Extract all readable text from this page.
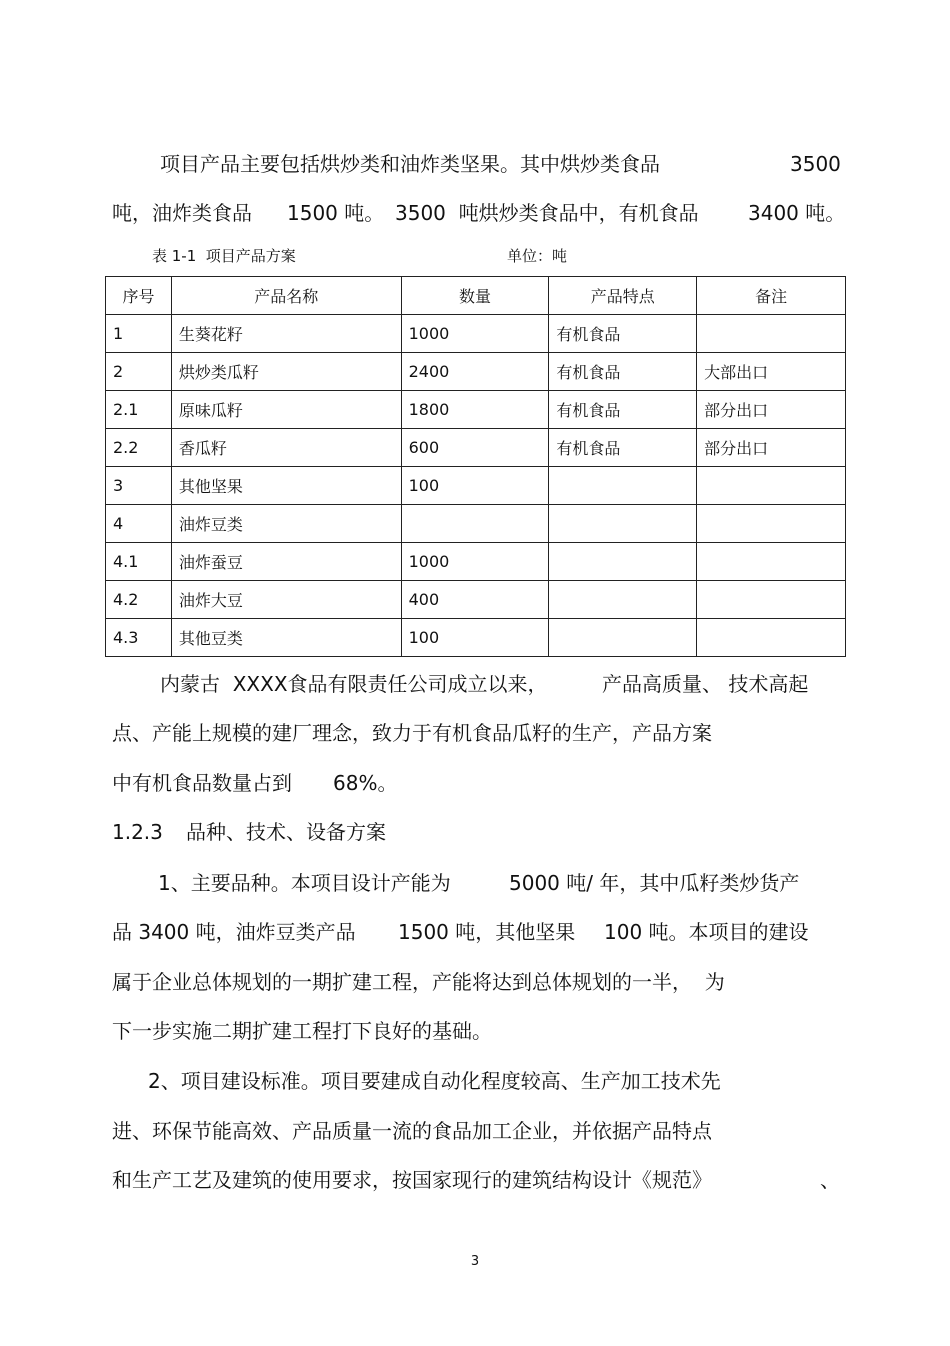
项目产品主要包括烘炒类和油炸类坚果。其中烘炒类食品	3500
吨，油炸类食品 1500 吨。 3500  吨烘炒类食品中，有机食品 3400 吨。
表 1-1  项目产品方案	单位：吨
序号	产品名称	数量	产品特点	备注
1	生葵花籽	1000	有机食品	
2	烘炒类瓜籽	2400	有机食品	大部出口
2.1	原味瓜籽	1800	有机食品	部分出口
2.2	香瓜籽	600	有机食品	部分出口
3	其他坚果	100		
4	油炸豆类			
4.1	油炸蚕豆	1000		
4.2	油炸大豆	400		
4.3	其他豆类	100		
内蒙古  XXXX食品有限责任公司成立以来，	产品高质量、 技术高起
点、产能上规模的建厂理念，致力于有机食品瓜籽的生产，产品方案
中有机食品数量占到 68%。
1.2.3 品种、技术、设备方案
1、主要品种。本项目设计产能为	5000 吨/ 年，其中瓜籽类炒货产
品 3400 吨，油炸豆类产品 1500 吨，其他坚果 100 吨。本项目的建设
属于企业总体规划的一期扩建工程，产能将达到总体规划的一半，  为
下一步实施二期扩建工程打下良好的基础。
2、项目建设标准。项目要建成自动化程度较高、生产加工技术先
进、环保节能高效、产品质量一流的食品加工企业，并依据产品特点
和生产工艺及建筑的使用要求，按国家现行的建筑结构设计《规范》	、
3
